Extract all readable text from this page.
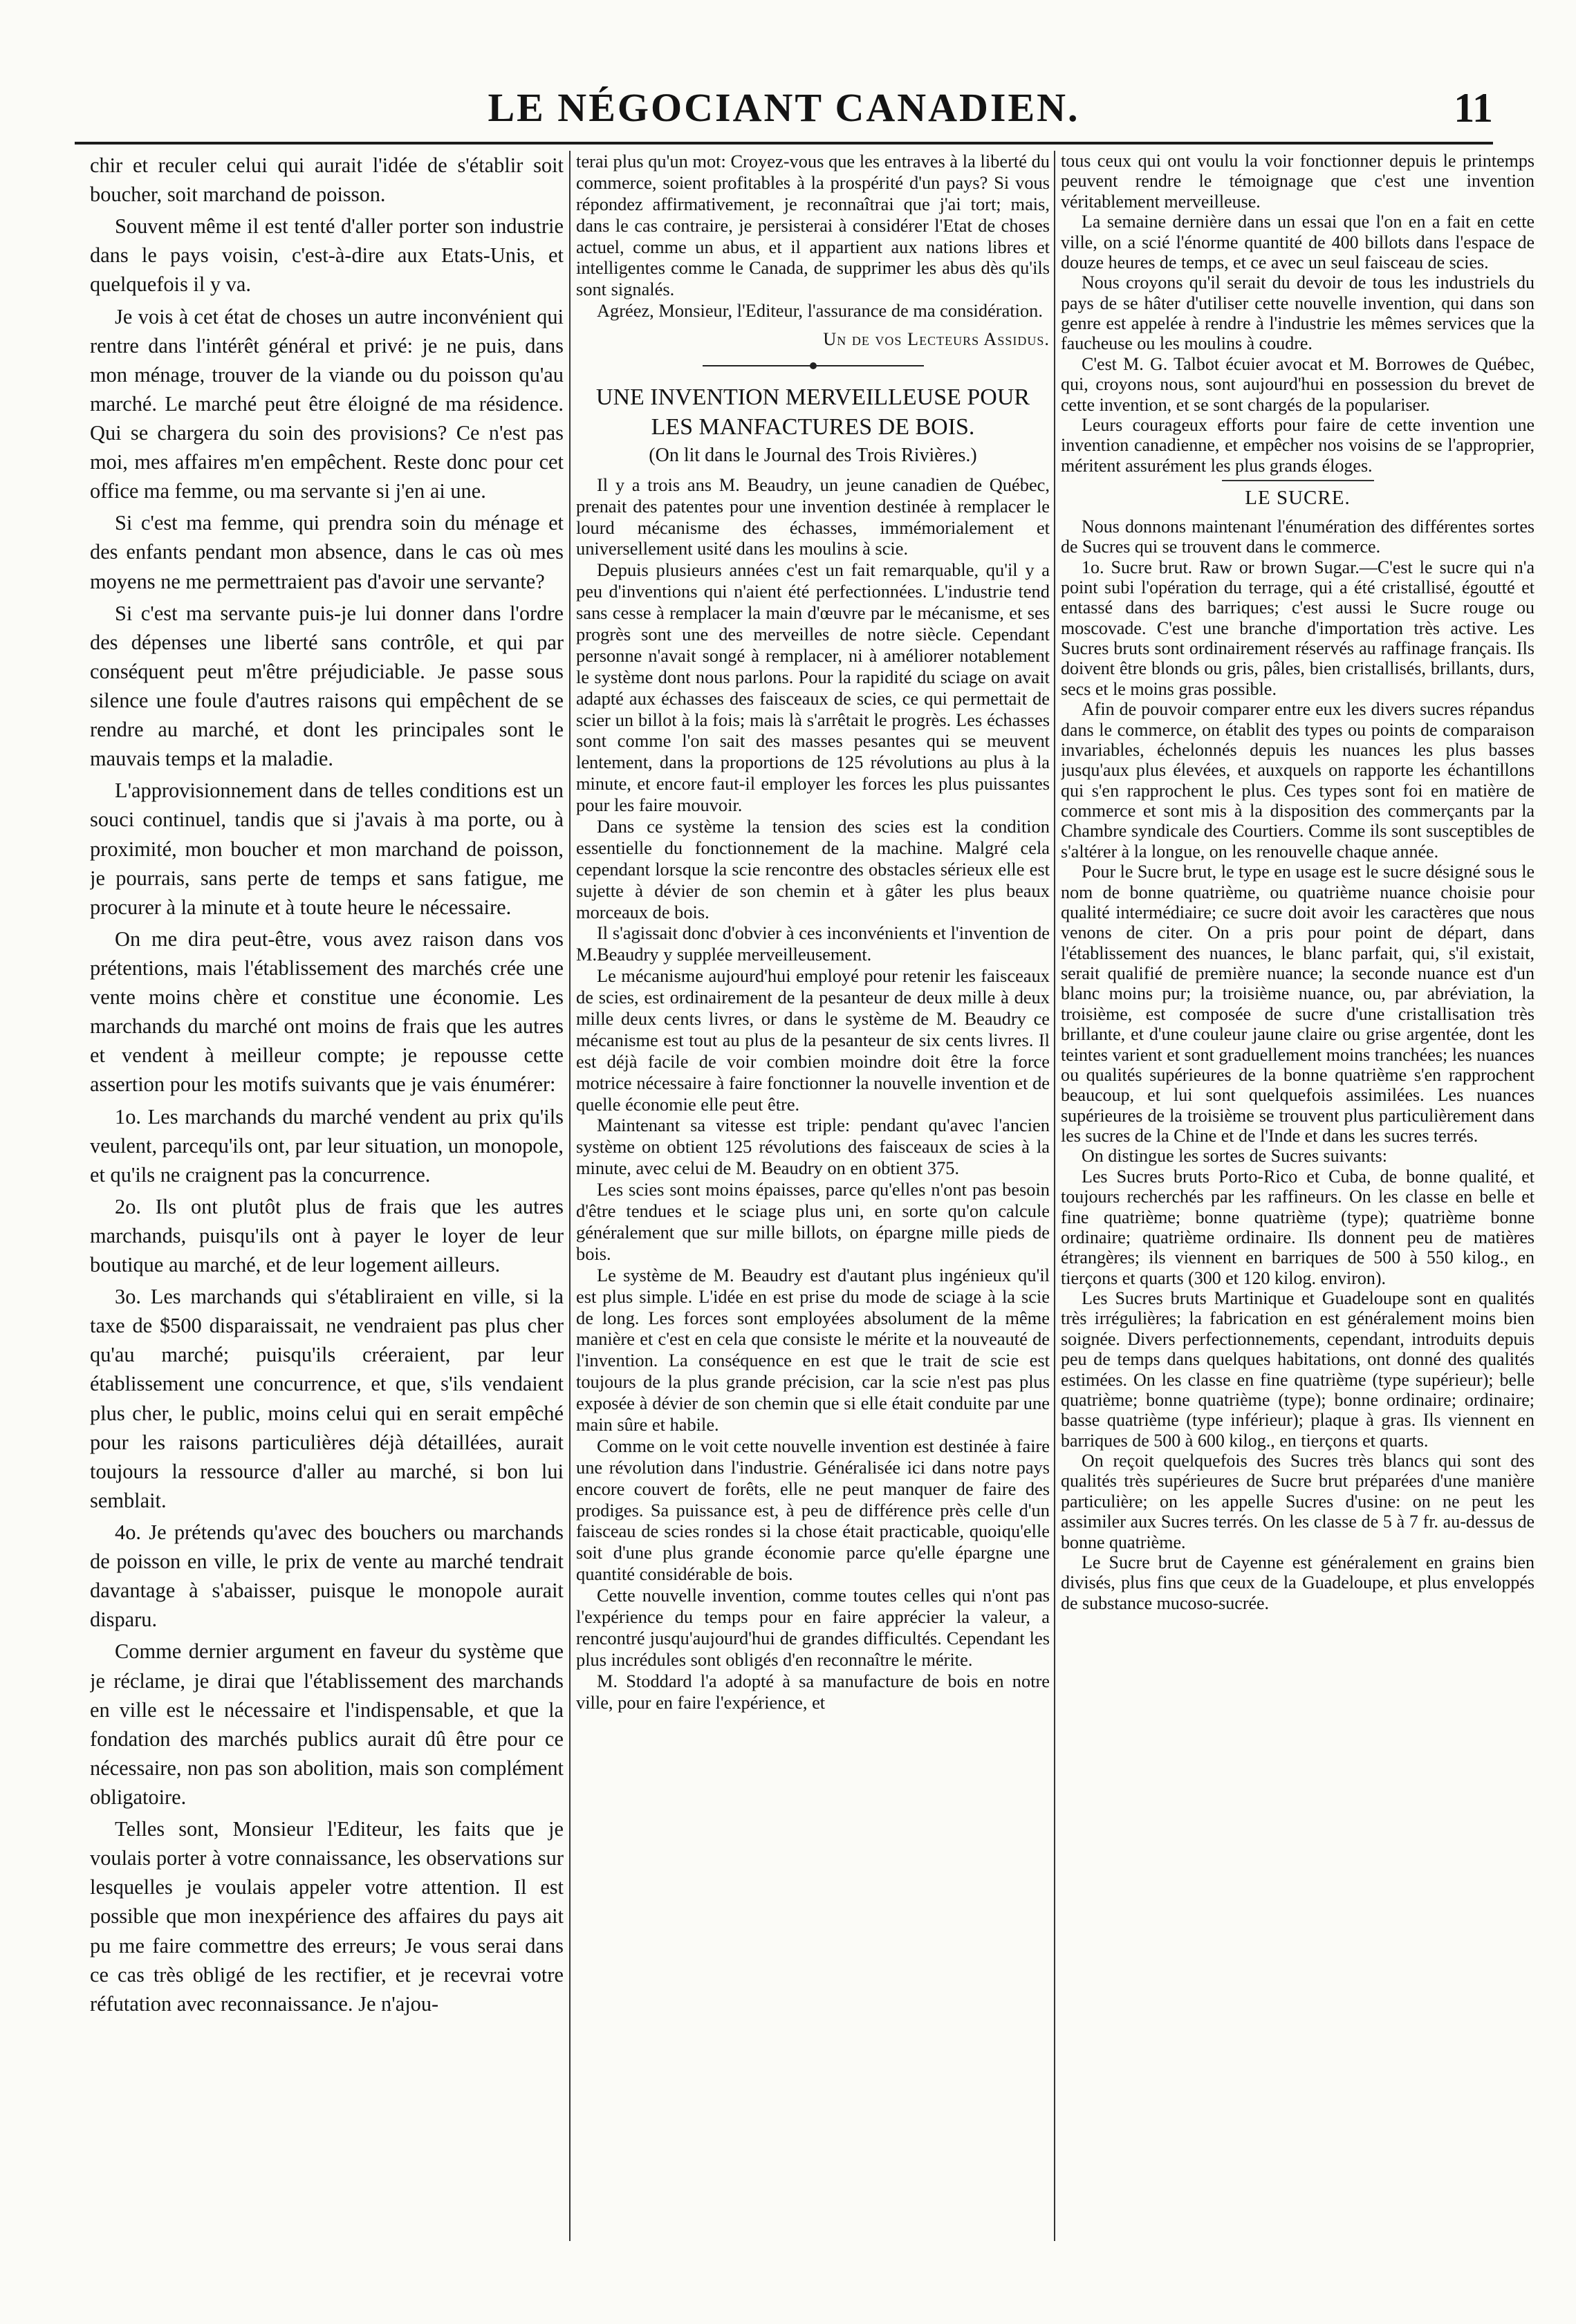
LE NÉGOCIANT CANADIEN.	11

chir et reculer celui qui aurait l'idée de s'établir soit boucher, soit marchand de poisson.

Souvent même il est tenté d'aller porter son industrie dans le pays voisin, c'est-à-dire aux Etats-Unis, et quelquefois il y va.

Je vois à cet état de choses un autre inconvénient qui rentre dans l'intérêt général et privé: je ne puis, dans mon ménage, trouver de la viande ou du poisson qu'au marché. Le marché peut être éloigné de ma résidence. Qui se chargera du soin des provisions? Ce n'est pas moi, mes affaires m'en empêchent. Reste donc pour cet office ma femme, ou ma servante si j'en ai une.

Si c'est ma femme, qui prendra soin du ménage et des enfants pendant mon absence, dans le cas où mes moyens ne me permettraient pas d'avoir une servante?

Si c'est ma servante puis-je lui donner dans l'ordre des dépenses une liberté sans contrôle, et qui par conséquent peut m'être préjudiciable. Je passe sous silence une foule d'autres raisons qui empêchent de se rendre au marché, et dont les principales sont le mauvais temps et la maladie.

L'approvisionnement dans de telles conditions est un souci continuel, tandis que si j'avais à ma porte, ou à proximité, mon boucher et mon marchand de poisson, je pourrais, sans perte de temps et sans fatigue, me procurer à la minute et à toute heure le nécessaire.

On me dira peut-être, vous avez raison dans vos prétentions, mais l'établissement des marchés crée une vente moins chère et constitue une économie. Les marchands du marché ont moins de frais que les autres et vendent à meilleur compte; je repousse cette assertion pour les motifs suivants que je vais énumérer:

1o. Les marchands du marché vendent au prix qu'ils veulent, parcequ'ils ont, par leur situation, un monopole, et qu'ils ne craignent pas la concurrence.

2o. Ils ont plutôt plus de frais que les autres marchands, puisqu'ils ont à payer le loyer de leur boutique au marché, et de leur logement ailleurs.

3o. Les marchands qui s'établiraient en ville, si la taxe de $500 disparaissait, ne vendraient pas plus cher qu'au marché; puisqu'ils créeraient, par leur établissement une concurrence, et que, s'ils vendaient plus cher, le public, moins celui qui en serait empêché pour les raisons particulières déjà détaillées, aurait toujours la ressource d'aller au marché, si bon lui semblait.

4o. Je prétends qu'avec des bouchers ou marchands de poisson en ville, le prix de vente au marché tendrait davantage à s'abaisser, puisque le monopole aurait disparu.

Comme dernier argument en faveur du système que je réclame, je dirai que l'établissement des marchands en ville est le nécessaire et l'indispensable, et que la fondation des marchés publics aurait dû être pour ce nécessaire, non pas son abolition, mais son complément obligatoire.

Telles sont, Monsieur l'Editeur, les faits que je voulais porter à votre connaissance, les observations sur lesquelles je voulais appeler votre attention. Il est possible que mon inexpérience des affaires du pays ait pu me faire commettre des erreurs; Je vous serai dans ce cas très obligé de les rectifier, et je recevrai votre réfutation avec reconnaissance. Je n'ajou-

terai plus qu'un mot: Croyez-vous que les entraves à la liberté du commerce, soient profitables à la prospérité d'un pays? Si vous répondez affirmativement, je reconnaîtrai que j'ai tort; mais, dans le cas contraire, je persisterai à considérer l'Etat de choses actuel, comme un abus, et il appartient aux nations libres et intelligentes comme le Canada, de supprimer les abus dès qu'ils sont signalés.

Agréez, Monsieur, l'Editeur, l'assurance de ma considération.

Un de vos Lecteurs Assidus.

UNE INVENTION MERVEILLEUSE POUR
LES MANFACTURES DE BOIS.

(On lit dans le Journal des Trois Rivières.)

Il y a trois ans M. Beaudry, un jeune canadien de Québec, prenait des patentes pour une invention destinée à remplacer le lourd mécanisme des échasses, immémorialement et universellement usité dans les moulins à scie.

Depuis plusieurs années c'est un fait remarquable, qu'il y a peu d'inventions qui n'aient été perfectionnées. L'industrie tend sans cesse à remplacer la main d'œuvre par le mécanisme, et ses progrès sont une des merveilles de notre siècle. Cependant personne n'avait songé à remplacer, ni à améliorer notablement le système dont nous parlons. Pour la rapidité du sciage on avait adapté aux échasses des faisceaux de scies, ce qui permettait de scier un billot à la fois; mais là s'arrêtait le progrès. Les échasses sont comme l'on sait des masses pesantes qui se meuvent lentement, dans la proportions de 125 révolutions au plus à la minute, et encore faut-il employer les forces les plus puissantes pour les faire mouvoir.

Dans ce système la tension des scies est la condition essentielle du fonctionnement de la machine. Malgré cela cependant lorsque la scie rencontre des obstacles sérieux elle est sujette à dévier de son chemin et à gâter les plus beaux morceaux de bois.

Il s'agissait donc d'obvier à ces inconvénients et l'invention de M.Beaudry y supplée merveilleusement.

Le mécanisme aujourd'hui employé pour retenir les faisceaux de scies, est ordinairement de la pesanteur de deux mille à deux mille deux cents livres, or dans le système de M. Beaudry ce mécanisme est tout au plus de la pesanteur de six cents livres. Il est déjà facile de voir combien moindre doit être la force motrice nécessaire à faire fonctionner la nouvelle invention et de quelle économie elle peut être.

Maintenant sa vitesse est triple: pendant qu'avec l'ancien système on obtient 125 révolutions des faisceaux de scies à la minute, avec celui de M. Beaudry on en obtient 375.

Les scies sont moins épaisses, parce qu'elles n'ont pas besoin d'être tendues et le sciage plus uni, en sorte qu'on calcule généralement que sur mille billots, on épargne mille pieds de bois.

Le système de M. Beaudry est d'autant plus ingénieux qu'il est plus simple. L'idée en est prise du mode de sciage à la scie de long. Les forces sont employées absolument de la même manière et c'est en cela que consiste le mérite et la nouveauté de l'invention. La conséquence en est que le trait de scie est toujours de la plus grande précision, car la scie n'est pas plus exposée à dévier de son chemin que si elle était conduite par une main sûre et habile.

Comme on le voit cette nouvelle invention est destinée à faire une révolution dans l'industrie. Généralisée ici dans notre pays encore couvert de forêts, elle ne peut manquer de faire des prodiges. Sa puissance est, à peu de différence près celle d'un faisceau de scies rondes si la chose était practicable, quoiqu'elle soit d'une plus grande économie parce qu'elle épargne une quantité considérable de bois.

Cette nouvelle invention, comme toutes celles qui n'ont pas l'expérience du temps pour en faire apprécier la valeur, a rencontré jusqu'aujourd'hui de grandes difficultés. Cependant les plus incrédules sont obligés d'en reconnaître le mérite.

M. Stoddard l'a adopté à sa manufacture de bois en notre ville, pour en faire l'expérience, et

tous ceux qui ont voulu la voir fonctionner depuis le printemps peuvent rendre le témoignage que c'est une invention véritablement merveilleuse.

La semaine dernière dans un essai que l'on en a fait en cette ville, on a scié l'énorme quantité de 400 billots dans l'espace de douze heures de temps, et ce avec un seul faisceau de scies.

Nous croyons qu'il serait du devoir de tous les industriels du pays de se hâter d'utiliser cette nouvelle invention, qui dans son genre est appelée à rendre à l'industrie les mêmes services que la faucheuse ou les moulins à coudre.

C'est M. G. Talbot écuier avocat et M. Borrowes de Québec, qui, croyons nous, sont aujourd'hui en possession du brevet de cette invention, et se sont chargés de la populariser.

Leurs courageux efforts pour faire de cette invention une invention canadienne, et empêcher nos voisins de se l'approprier, méritent assurément les plus grands éloges.

LE SUCRE.

Nous donnons maintenant l'énumération des différentes sortes de Sucres qui se trouvent dans le commerce.

1o. Sucre brut. Raw or brown Sugar.—C'est le sucre qui n'a point subi l'opération du terrage, qui a été cristallisé, égoutté et entassé dans des barriques; c'est aussi le Sucre rouge ou moscovade. C'est une branche d'importation très active. Les Sucres bruts sont ordinairement réservés au raffinage français. Ils doivent être blonds ou gris, pâles, bien cristallisés, brillants, durs, secs et le moins gras possible.

Afin de pouvoir comparer entre eux les divers sucres répandus dans le commerce, on établit des types ou points de comparaison invariables, échelonnés depuis les nuances les plus basses jusqu'aux plus élevées, et auxquels on rapporte les échantillons qui s'en rapprochent le plus. Ces types sont foi en matière de commerce et sont mis à la disposition des commerçants par la Chambre syndicale des Courtiers. Comme ils sont susceptibles de s'altérer à la longue, on les renouvelle chaque année.

Pour le Sucre brut, le type en usage est le sucre désigné sous le nom de bonne quatrième, ou quatrième nuance choisie pour qualité intermédiaire; ce sucre doit avoir les caractères que nous venons de citer. On a pris pour point de départ, dans l'établissement des nuances, le blanc parfait, qui, s'il existait, serait qualifié de première nuance; la seconde nuance est d'un blanc moins pur; la troisième nuance, ou, par abréviation, la troisième, est composée de sucre d'une cristallisation très brillante, et d'une couleur jaune claire ou grise argentée, dont les teintes varient et sont graduellement moins tranchées; les nuances ou qualités supérieures de la bonne quatrième s'en rapprochent beaucoup, et lui sont quelquefois assimilées. Les nuances supérieures de la troisième se trouvent plus particulièrement dans les sucres de la Chine et de l'Inde et dans les sucres terrés.

On distingue les sortes de Sucres suivants:

Les Sucres bruts Porto-Rico et Cuba, de bonne qualité, et toujours recherchés par les raffineurs. On les classe en belle et fine quatrième; bonne quatrième (type); quatrième bonne ordinaire; quatrième ordinaire. Ils donnent peu de matières étrangères; ils viennent en barriques de 500 à 550 kilog., en tierçons et quarts (300 et 120 kilog. environ).

Les Sucres bruts Martinique et Guadeloupe sont en qualités très irrégulières; la fabrication en est généralement moins bien soignée. Divers perfectionnements, cependant, introduits depuis peu de temps dans quelques habitations, ont donné des qualités estimées. On les classe en fine quatrième (type supérieur); belle quatrième; bonne quatrième (type); bonne ordinaire; ordinaire; basse quatrième (type inférieur); plaque à gras. Ils viennent en barriques de 500 à 600 kilog., en tierçons et quarts.

On reçoit quelquefois des Sucres très blancs qui sont des qualités très supérieures de Sucre brut préparées d'une manière particulière; on les appelle Sucres d'usine: on ne peut les assimiler aux Sucres terrés. On les classe de 5 à 7 fr. au-dessus de bonne quatrième.

Le Sucre brut de Cayenne est généralement en grains bien divisés, plus fins que ceux de la Guadeloupe, et plus enveloppés de substance mucoso-sucrée.
